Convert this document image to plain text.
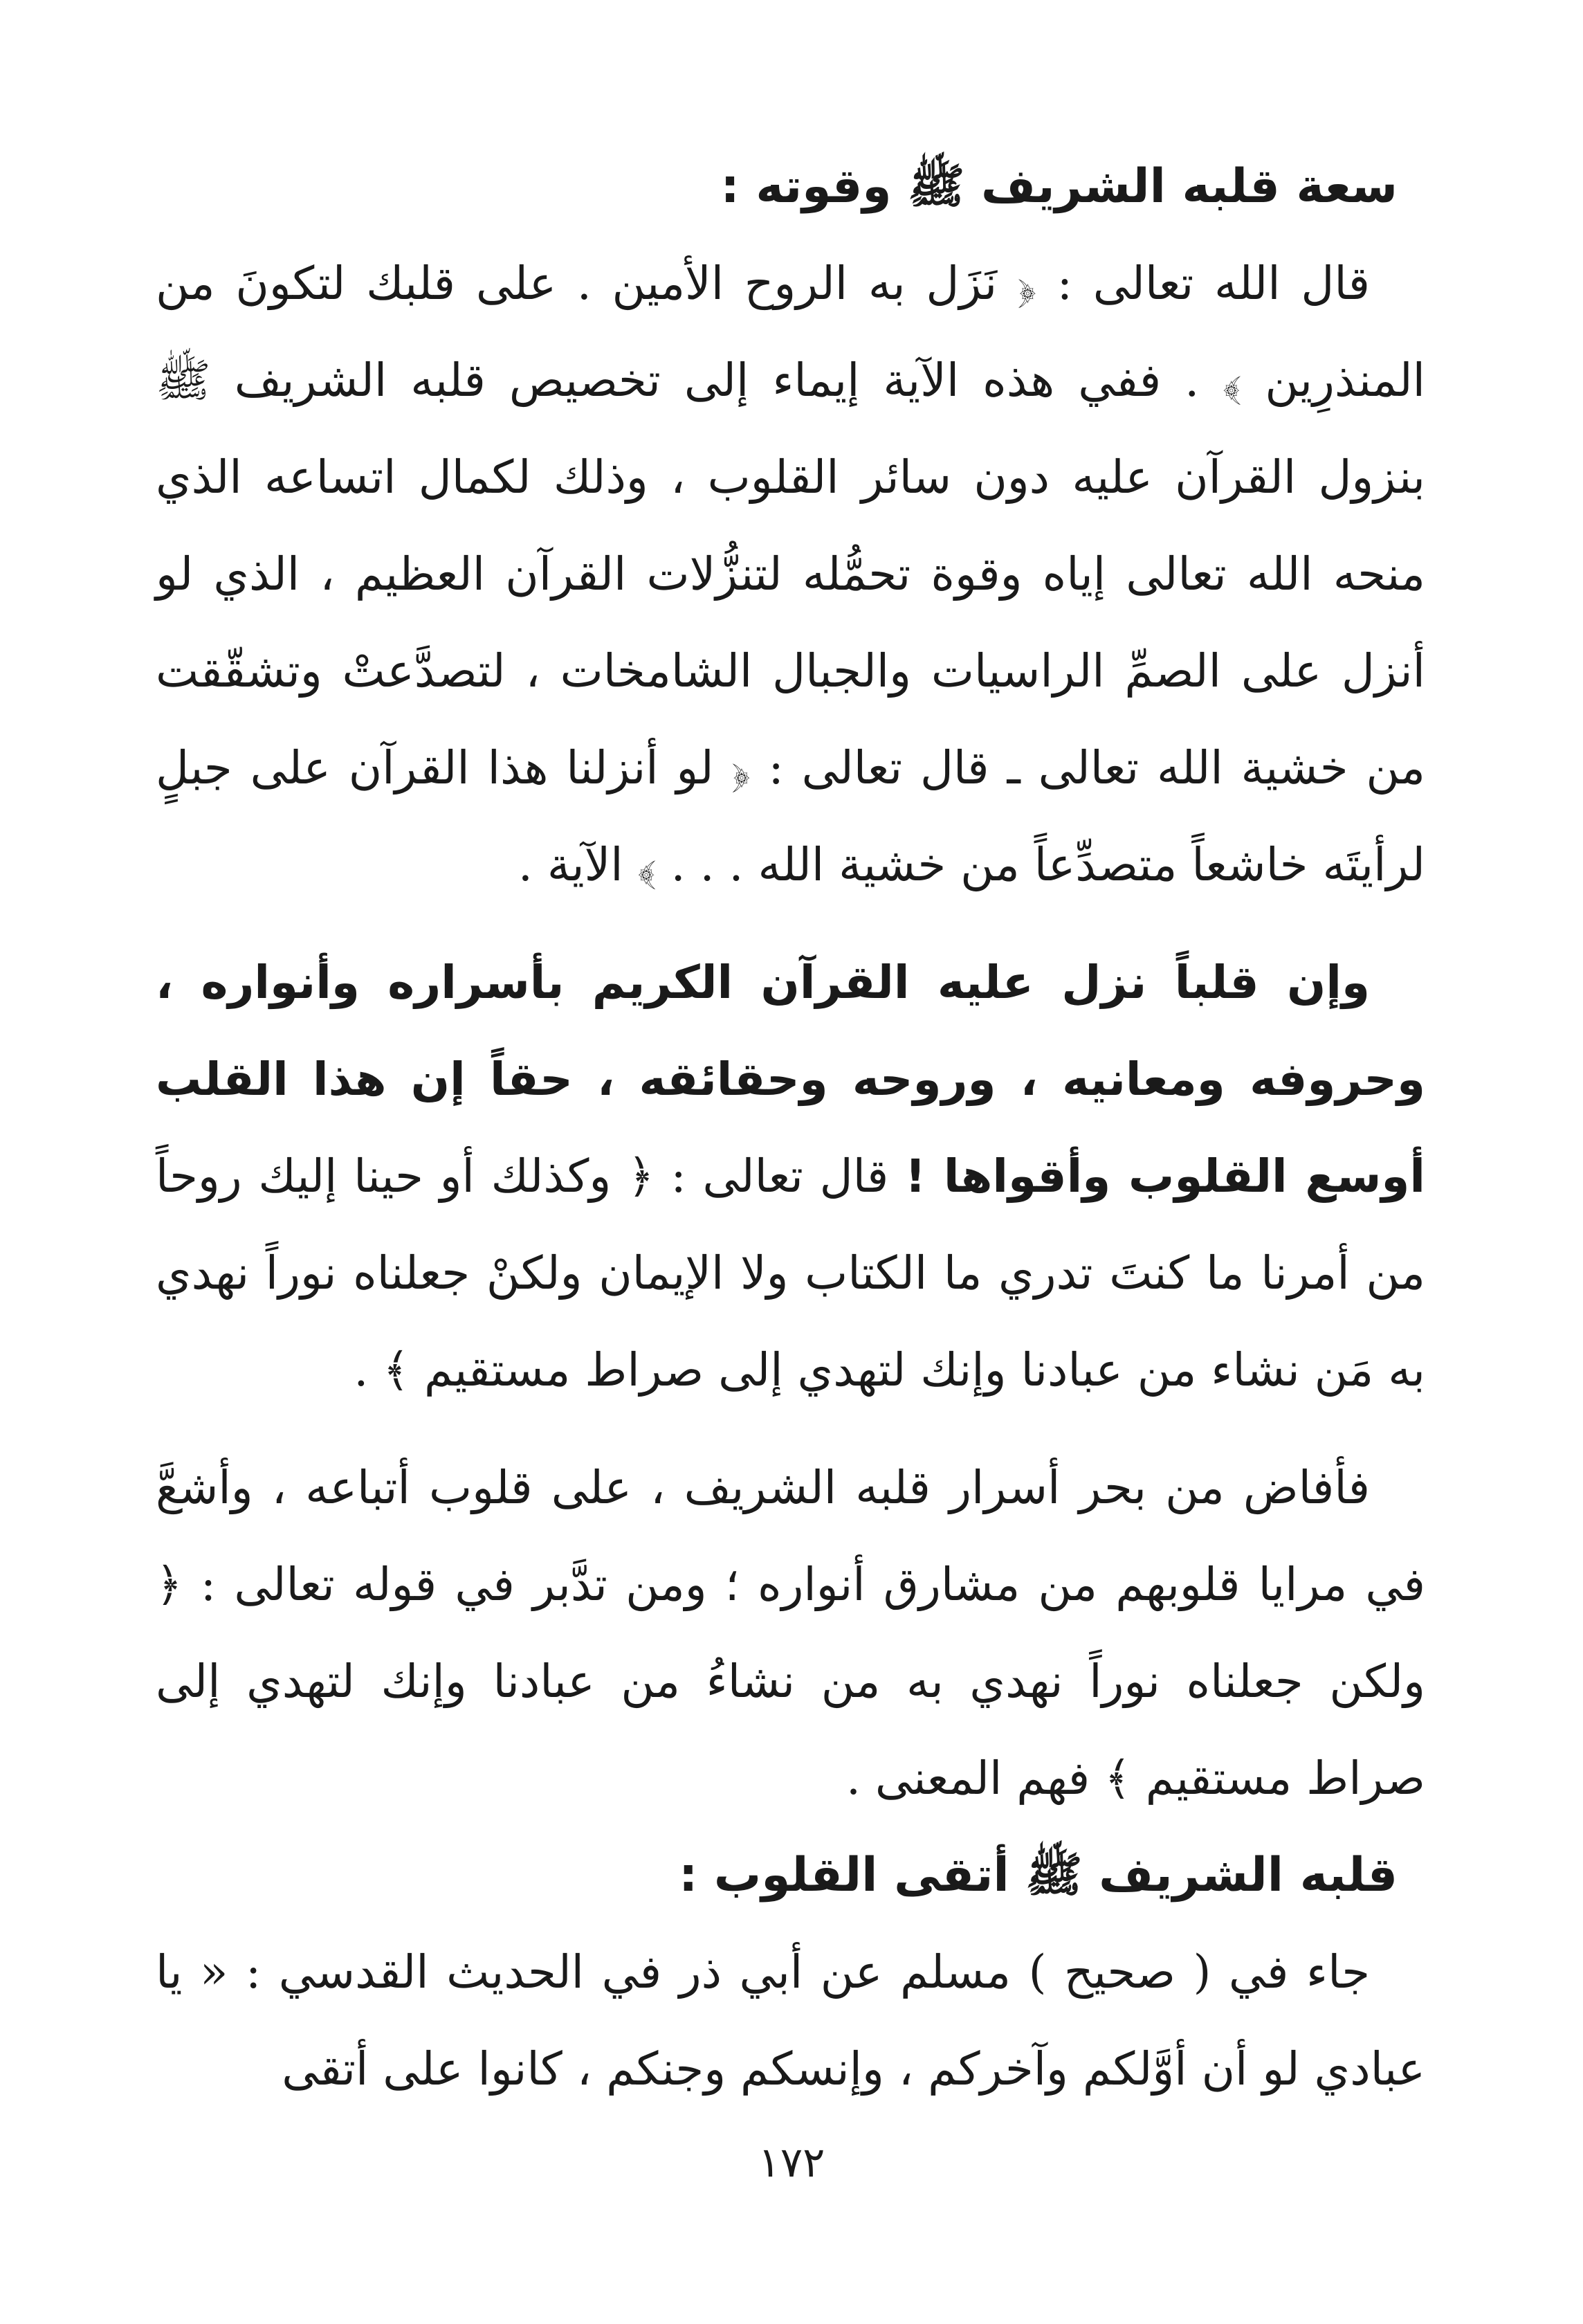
سعة قلبه الشريف ﷺ وقوته :

قال الله تعالى : ﴿ نَزَل به الروح الأمين . على قلبك لتكونَ من المنذرِين ﴾ . ففي هذه الآية إيماء إلى تخصيص قلبه الشريف ﷺ بنزول القرآن عليه دون سائر القلوب ، وذلك لكمال اتساعه الذي منحه الله تعالى إياه وقوة تحمُّله لتنزُّلات القرآن العظيم ، الذي لو أنزل على الصمِّ الراسيات والجبال الشامخات ، لتصدَّعتْ وتشقّقت من خشية الله تعالى ـ قال تعالى : ﴿ لو أنزلنا هذا القرآن على جبلٍ لرأيتَه خاشعاً متصدِّعاً من خشية الله . . . ﴾ الآية .

وإن قلباً نزل عليه القرآن الكريم بأسراره وأنواره ، وحروفه ومعانيه ، وروحه وحقائقه ، حقاً إن هذا القلب أوسع القلوب وأقواها ! قال تعالى : ﴿ وكذلك أو حينا إليك روحاً من أمرنا ما كنتَ تدري ما الكتاب ولا الإيمان ولكنْ جعلناه نوراً نهدي به مَن نشاء من عبادنا وإنك لتهدي إلى صراط مستقيم ﴾ .

فأفاض من بحر أسرار قلبه الشريف ، على قلوب أتباعه ، وأشعَّ في مرايا قلوبهم من مشارق أنواره ؛ ومن تدَّبر في قوله تعالى : ﴿ ولكن جعلناه نوراً نهدي به من نشاءُ من عبادنا وإنك لتهدي إلى صراط مستقيم ﴾ فهم المعنى .

قلبه الشريف ﷺ أتقى القلوب :

جاء في ( صحيح ) مسلم عن أبي ذر في الحديث القدسي : « يا عبادي لو أن أوَّلكم وآخركم ، وإنسكم وجنكم ، كانوا على أتقى

١٧٢
